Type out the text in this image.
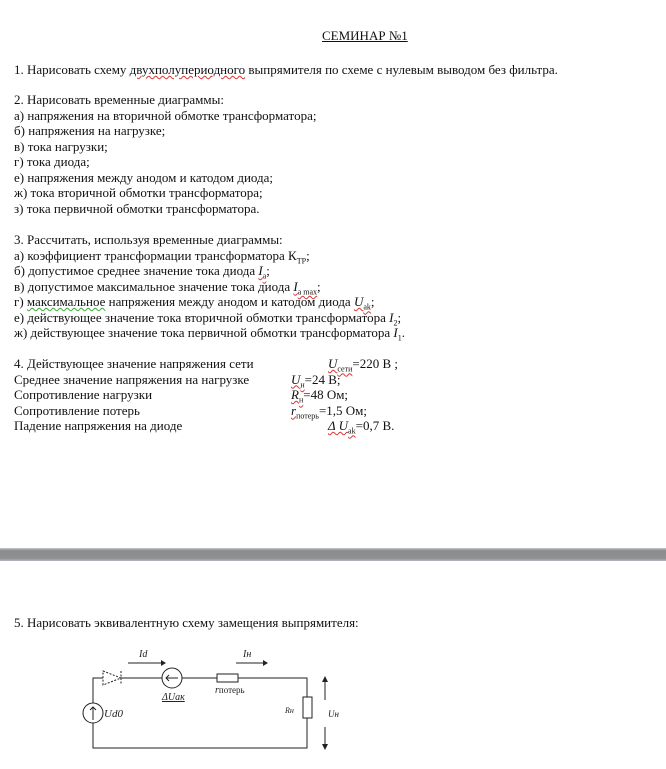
СЕМИНАР №1
1. Нарисовать схему двухполупериодного выпрямителя по схеме с нулевым выводом без фильтра.
2. Нарисовать временные диаграммы:
а) напряжения на вторичной обмотке трансформатора;
б) напряжения на нагрузке;
в) тока нагрузки;
г) тока диода;
е) напряжения между анодом и катодом диода;
ж) тока вторичной обмотки трансформатора;
з) тока первичной обмотки трансформатора.
3. Рассчитать, используя временные диаграммы:
а) коэффициент трансформации трансформатора $К_{ТР}$;
б) допустимое среднее значение тока диода $I_a$;
в) допустимое максимальное значение тока диода $I_{a max}$;
г) максимальное напряжения между анодом и катодом диода $U_{ak}$;
е) действующее значение тока вторичной обмотки трансформатора $I_2$;
ж) действующее значение тока первичной обмотки трансформатора $I_1$.
4. Действующее значение напряжения сети	$U_{сети}=220$ В ;
Среднее значение напряжения на нагрузке	$U_н=24$ В;
Сопротивление нагрузки	$R_н=48$ Ом;
Сопротивление потерь	$r_{потерь}=1,5$ Ом;
Падение напряжения на диоде	Δ $U_{ak}=0,7$ В.
5. Нарисовать эквивалентную схему замещения выпрямителя:
Id	Iн
ΔUак
rпотерь
Ud0	Rн	Uн
